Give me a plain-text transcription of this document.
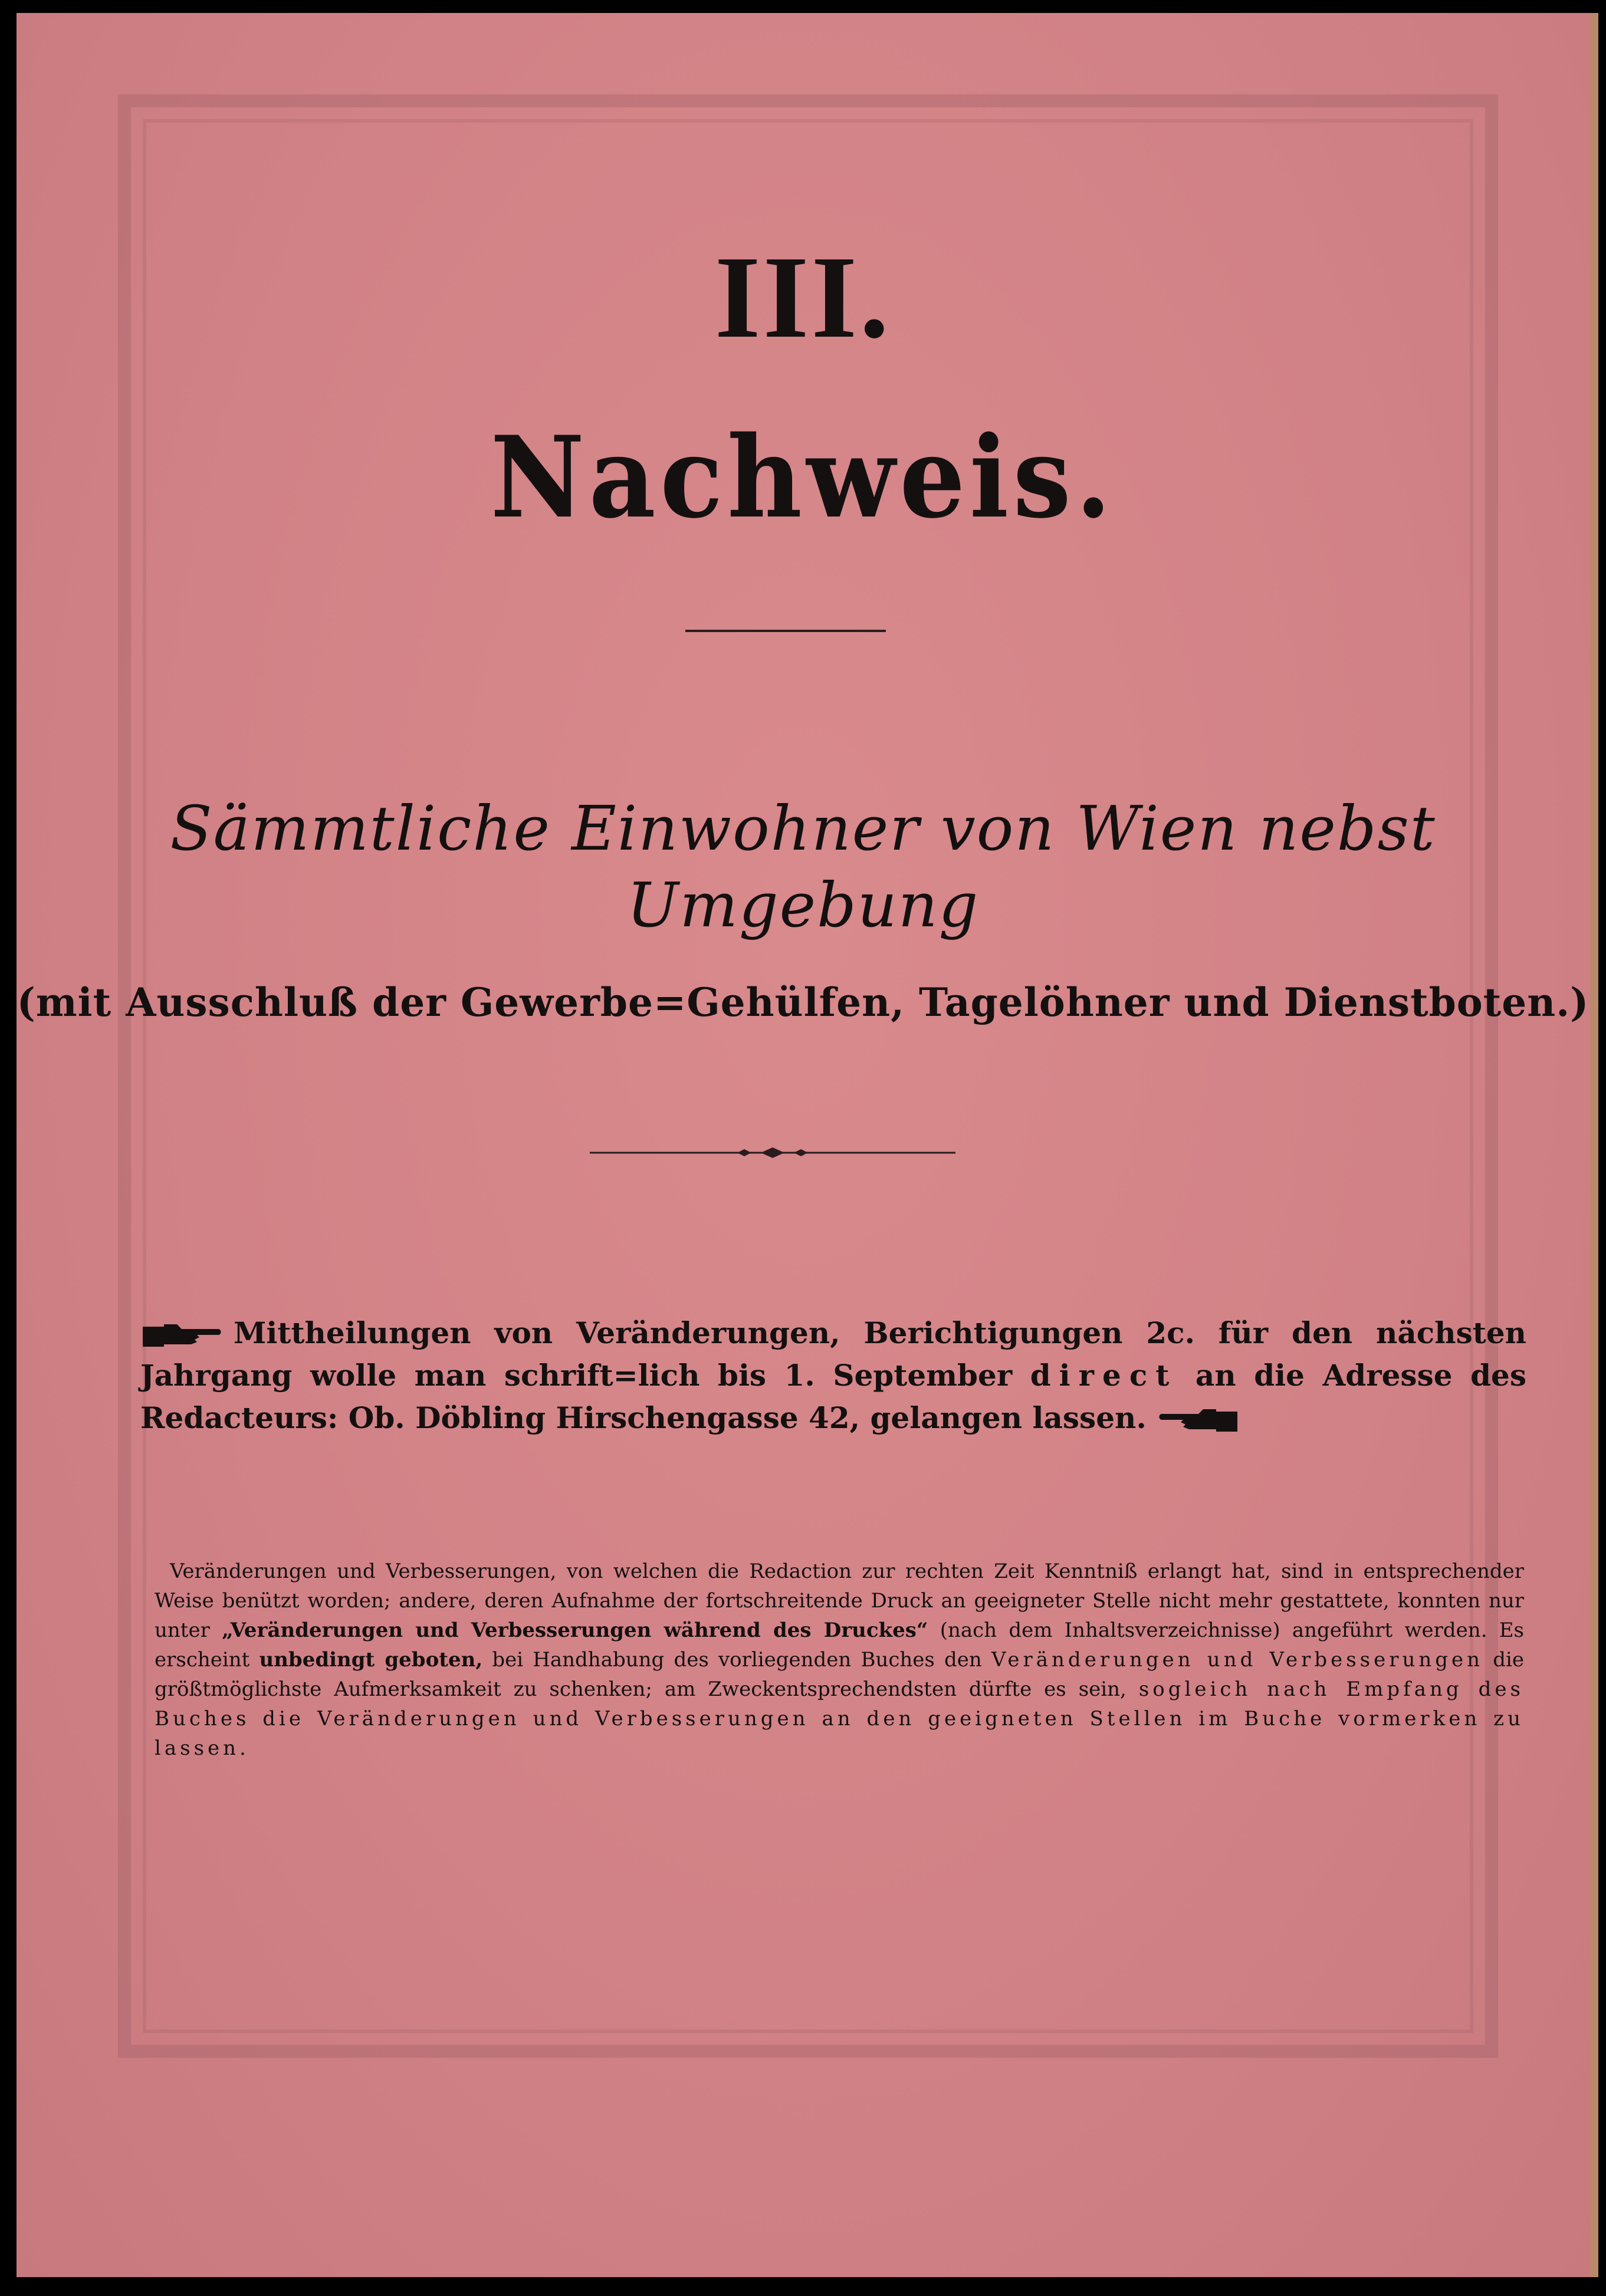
III.
Nachweis.
Sämmtliche Einwohner von Wien nebst Umgebung
(mit Ausschluß der Gewerbe=Gehülfen, Tagelöhner und Dienstboten.)
Mittheilungen von Veränderungen, Berichtigungen 2c. für den nächsten Jahrgang wolle man schrift=lich bis 1. September direct an die Adresse des Redacteurs: Ob. Döbling Hirschengasse 42, gelangen lassen.
Veränderungen und Verbesserungen, von welchen die Redaction zur rechten Zeit Kenntniß erlangt hat, sind in entsprechender Weise benützt worden; andere, deren Aufnahme der fortschreitende Druck an geeigneter Stelle nicht mehr gestattete, konnten nur unter „Veränderungen und Verbesserungen während des Druckes“ (nach dem Inhaltsverzeichnisse) angeführt werden. Es erscheint unbedingt geboten, bei Handhabung des vorliegenden Buches den Veränderungen und Verbesserungen die größtmöglichste Aufmerksamkeit zu schenken; am Zweckentsprechendsten dürfte es sein, sogleich nach Empfang des Buches die Veränderungen und Verbesserungen an den geeigneten Stellen im Buche vormerken zu lassen.
